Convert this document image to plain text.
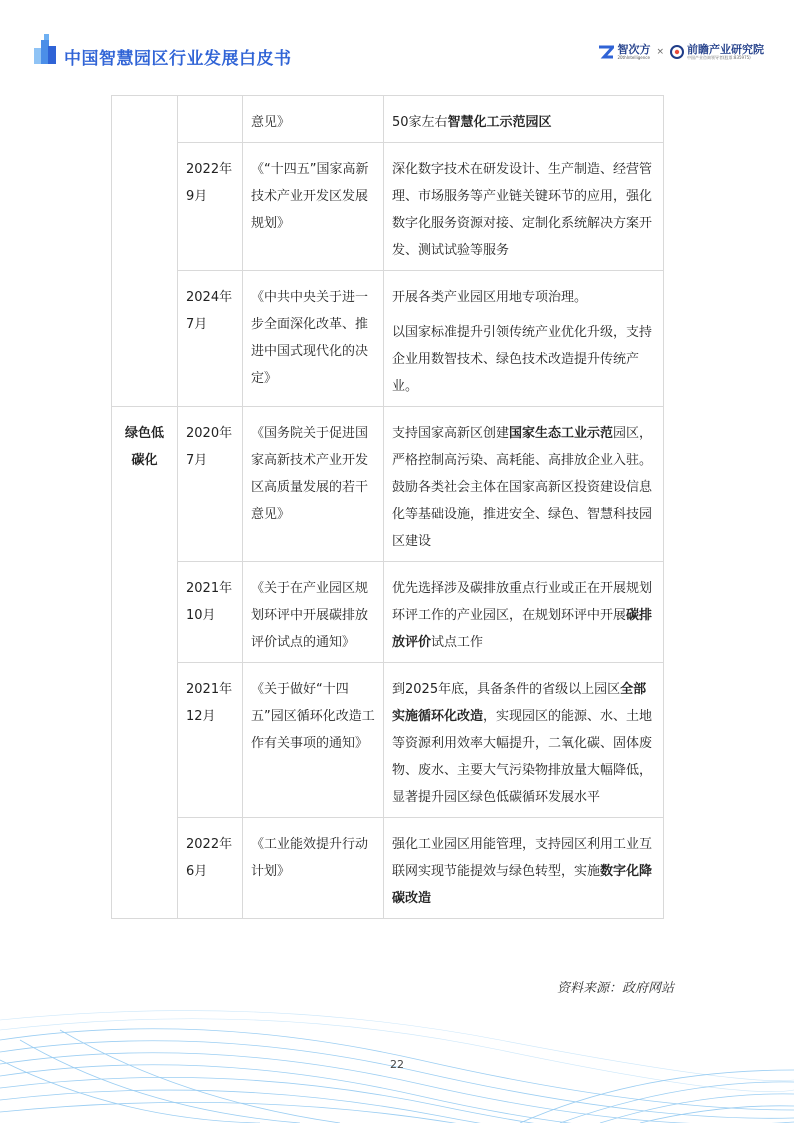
中国智慧园区行业发展白皮书	智次方
20thIntelligence
× 前瞻产业研究院
中国产业咨询领导者(股票:835975)
		意见》	50家左右智慧化工示范园区

	2022年9月	《“十四五”国家高新技术产业开发区发展规划》	深化数字技术在研发设计、生产制造、经营管理、市场服务等产业链关键环节的应用，强化数字化服务资源对接、定制化系统解决方案开发、测试试验等服务

	2024年7月	《中共中央关于进一步全面深化改革、推进中国式现代化的决定》	开展各类产业园区用地专项治理。

以国家标准提升引领传统产业优化升级，支持企业用数智技术、绿色技术改造提升传统产业。

绿色低碳化	2020年7月	《国务院关于促进国家高新技术产业开发区高质量发展的若干意见》	支持国家高新区创建国家生态工业示范园区，严格控制高污染、高耗能、高排放企业入驻。鼓励各类社会主体在国家高新区投资建设信息化等基础设施，推进安全、绿色、智慧科技园区建设

	2021年10月	《关于在产业园区规划环评中开展碳排放评价试点的通知》	优先选择涉及碳排放重点行业或正在开展规划环评工作的产业园区，在规划环评中开展碳排放评价试点工作

	2021年12月	《关于做好“十四五”园区循环化改造工作有关事项的通知》	到2025年底，具备条件的省级以上园区全部实施循环化改造，实现园区的能源、水、土地等资源利用效率大幅提升，二氧化碳、固体废物、废水、主要大气污染物排放量大幅降低，显著提升园区绿色低碳循环发展水平

	2022年6月	《工业能效提升行动计划》	强化工业园区用能管理，支持园区利用工业互联网实现节能提效与绿色转型，实施数字化降碳改造

资料来源：政府网站
22
